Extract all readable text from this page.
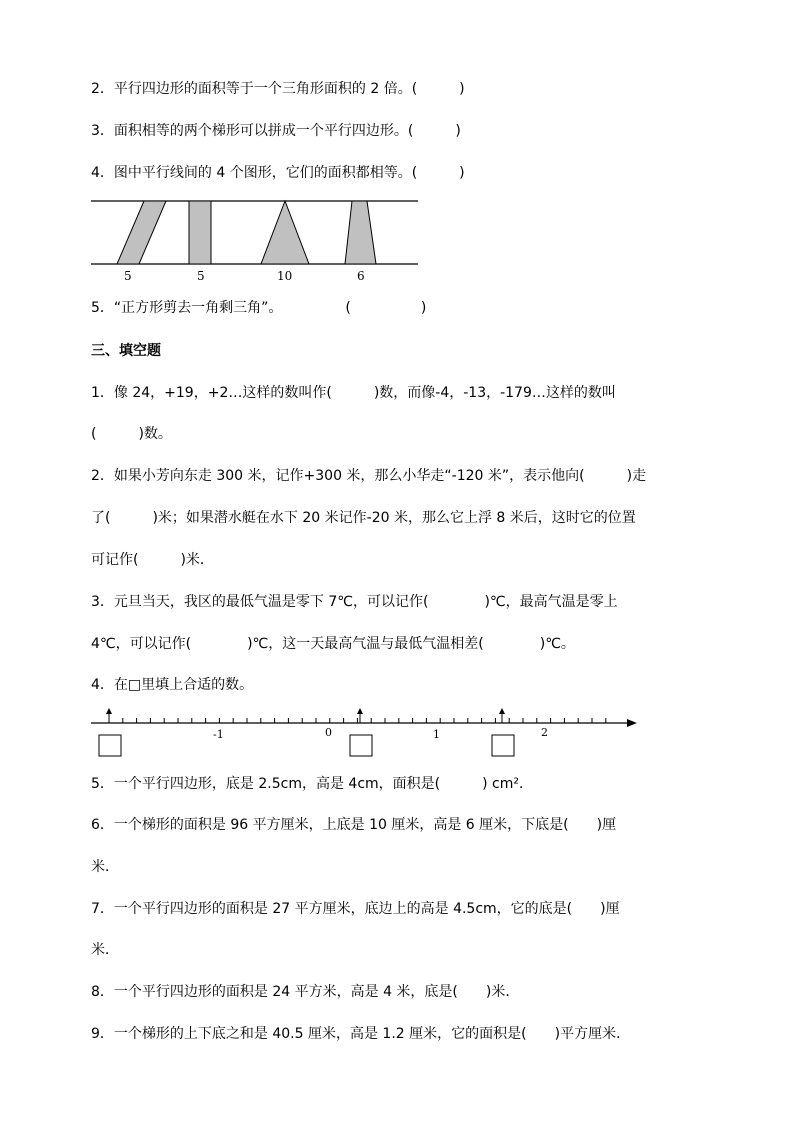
2．平行四边形的面积等于一个三角形面积的 2 倍。(　　　)
3．面积相等的两个梯形可以拼成一个平行四边形。(　　　)
4．图中平行线间的 4 个图形，它们的面积都相等。(　　　)
5	5	10	6
5．“正方形剪去一角剩三角”。　　　　　(　　　　　)
三、填空题
1．像 24，+19，+2…这样的数叫作(　　　)数，而像-4，-13，-179…这样的数叫
(　　　)数。
2．如果小芳向东走 300 米，记作+300 米，那么小华走“-120 米”，表示他向(　　　)走
了(　　　)米；如果潜水艇在水下 20 米记作-20 米，那么它上浮 8 米后，这时它的位置
可记作(　　　)米．
3．元旦当天，我区的最低气温是零下 7℃，可以记作(　　　　)℃，最高气温是零上
4℃，可以记作(　　　　)℃，这一天最高气温与最低气温相差(　　　　)℃。
4．在□里填上合适的数。
-1	0	1	2
5．一个平行四边形，底是 2.5cm，高是 4cm，面积是(　　　) cm²．
6．一个梯形的面积是 96 平方厘米，上底是 10 厘米，高是 6 厘米，下底是(　　)厘
米．
7．一个平行四边形的面积是 27 平方厘米，底边上的高是 4.5cm，它的底是(　　)厘
米．
8．一个平行四边形的面积是 24 平方米，高是 4 米，底是(　　)米．
9．一个梯形的上下底之和是 40.5 厘米，高是 1.2 厘米，它的面积是(　　)平方厘米．
